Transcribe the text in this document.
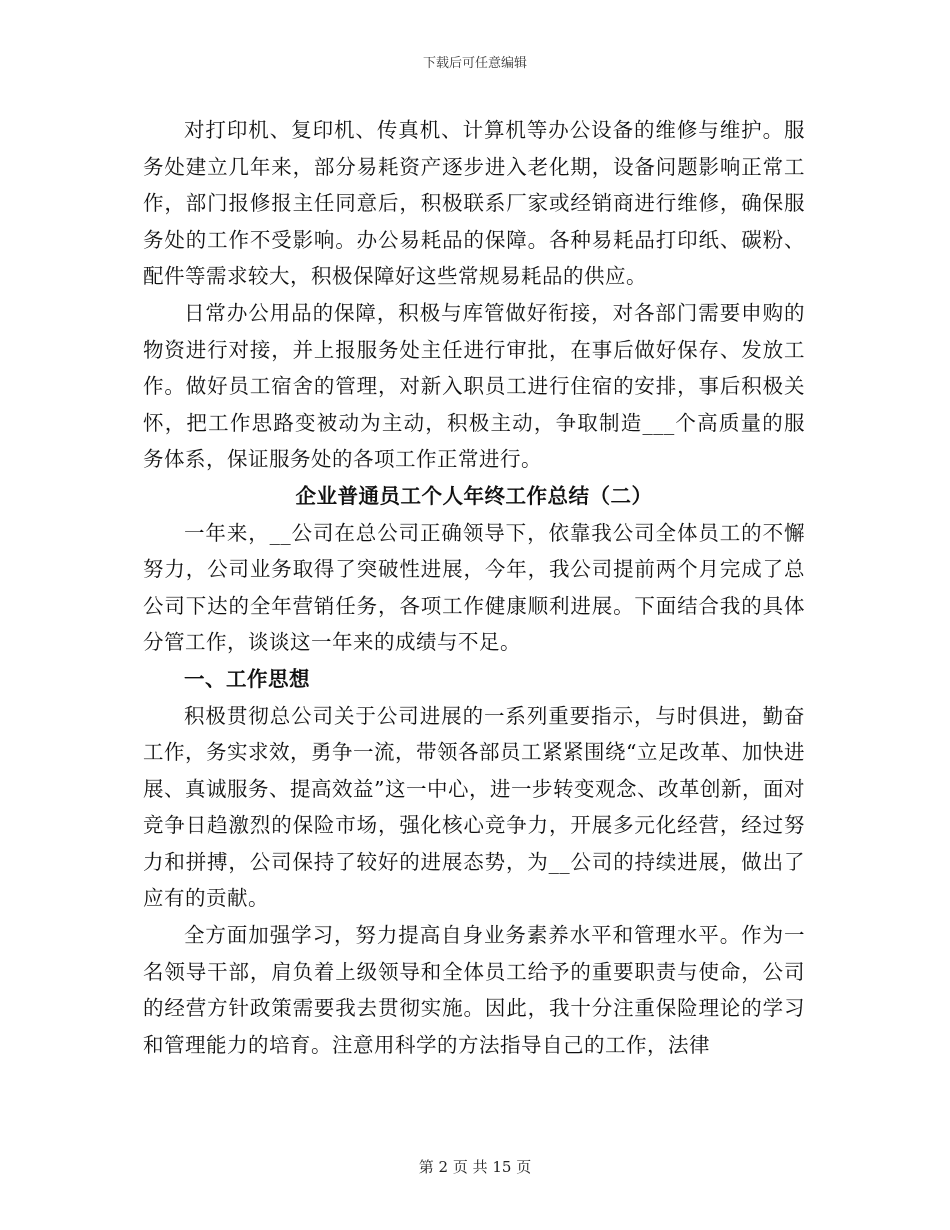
下载后可任意编辑

对打印机、复印机、传真机、计算机等办公设备的维修与维护。服务处建立几年来，部分易耗资产逐步进入老化期，设备问题影响正常工作，部门报修报主任同意后，积极联系厂家或经销商进行维修，确保服务处的工作不受影响。办公易耗品的保障。各种易耗品打印纸、碳粉、配件等需求较大，积极保障好这些常规易耗品的供应。

日常办公用品的保障，积极与库管做好衔接，对各部门需要申购的物资进行对接，并上报服务处主任进行审批，在事后做好保存、发放工作。做好员工宿舍的管理，对新入职员工进行住宿的安排，事后积极关怀，把工作思路变被动为主动，积极主动，争取制造___个高质量的服务体系，保证服务处的各项工作正常进行。

企业普通员工个人年终工作总结（二）

一年来，__公司在总公司正确领导下，依靠我公司全体员工的不懈努力，公司业务取得了突破性进展，今年，我公司提前两个月完成了总公司下达的全年营销任务，各项工作健康顺利进展。下面结合我的具体分管工作，谈谈这一年来的成绩与不足。

一、工作思想

积极贯彻总公司关于公司进展的一系列重要指示，与时俱进，勤奋工作，务实求效，勇争一流，带领各部员工紧紧围绕“立足改革、加快进展、真诚服务、提高效益”这一中心，进一步转变观念、改革创新，面对竞争日趋激烈的保险市场，强化核心竞争力，开展多元化经营，经过努力和拼搏，公司保持了较好的进展态势，为__公司的持续进展，做出了应有的贡献。

全方面加强学习，努力提高自身业务素养水平和管理水平。作为一名领导干部，肩负着上级领导和全体员工给予的重要职责与使命，公司的经营方针政策需要我去贯彻实施。因此，我十分注重保险理论的学习和管理能力的培育。注意用科学的方法指导自己的工作，法律

第 2 页 共 15 页
